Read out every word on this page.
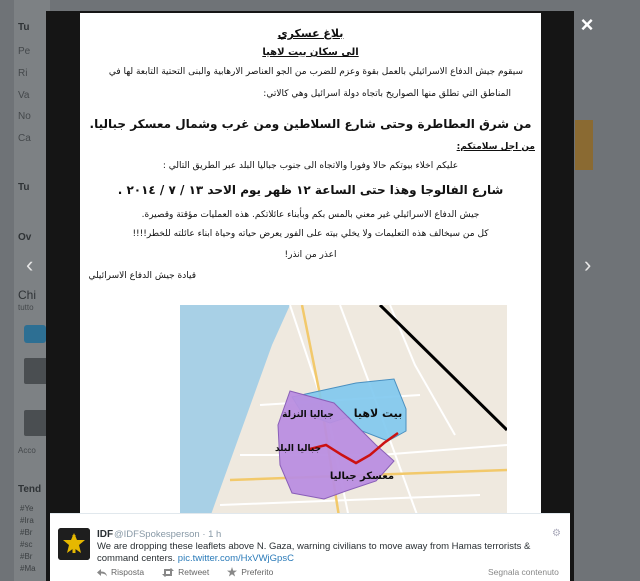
Tu
Pe
Ri
Va
No
Ca
Tu
Ov
Chi
tutto
Acco
Tend
#Ye
#Ira
#Br
#sc
#Br
#Ma
‹	›
×
بلاغ عسكري
الى سكان بيت لاهيا
سيقوم جيش الدفاع الاسرائيلي بالعمل بقوة وعزم للضرب من الجو العناصر الارهابية والبنى التحتية التابعة لها في
المناطق التي تطلق منها الصواريخ باتجاه دولة اسرائيل وهي كالاتي:
من شرق العطاطرة وحتى شارع السلاطين ومن غرب وشمال معسكر جباليا.
من اجل سلامتكم:
عليكم اخلاء بيوتكم حالا وفورا والاتجاه الى جنوب جباليا البلد عبر الطريق التالي :
شارع الفالوجا وهذا حتى الساعة ١٢ ظهر يوم الاحد ١٣ / ٧ / ٢٠١٤ .
جيش الدفاع الاسرائيلي غير معني بالمس بكم وبأبناء عائلاتكم. هذه العمليات مؤقتة وقصيرة.
كل من سيخالف هذه التعليمات ولا يخلي بيته على الفور يعرض حياته وحياة ابناء عائلته للخطر!!!!
اعذر من انذر!
قيادة جيش الدفاع الاسرائيلي
بيت لاهيا
جباليا النزلة
جباليا البلد
معسكر جباليا
IDF @IDFSpokesperson · 1 h	⚙
We are dropping these leaflets above N. Gaza, warning civilians to move away from Hamas terrorists & command centers. pic.twitter.com/HxVWjGpsC
Risposta	Retweet	Preferito	Segnala contenuto
